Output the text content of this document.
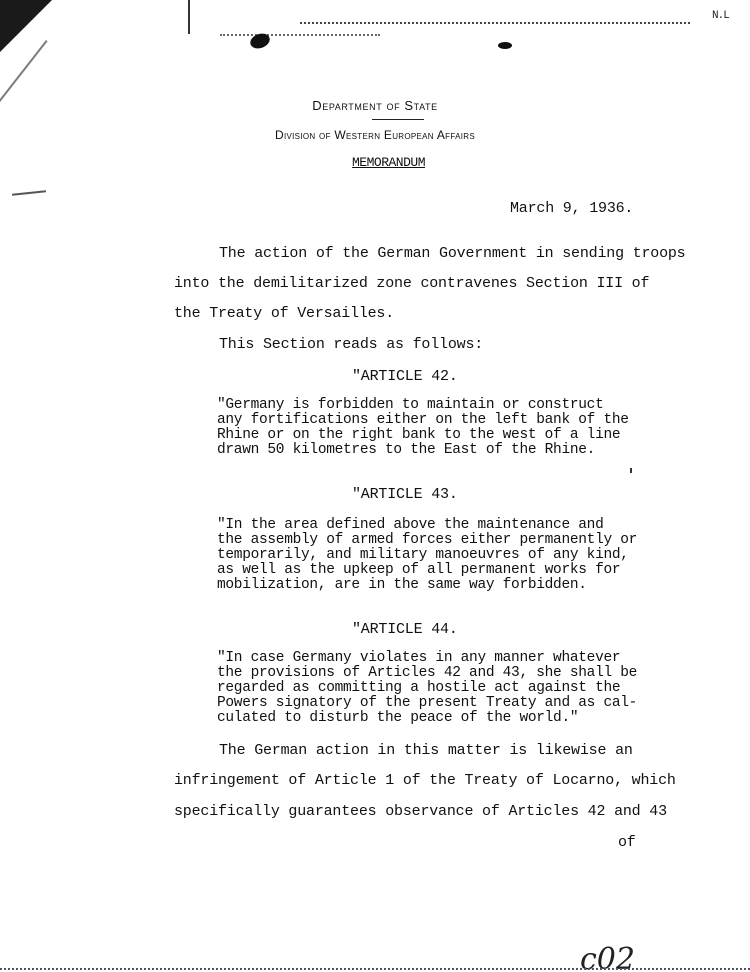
N.L
Department of State
Division of Western European Affairs
MEMORANDUM
March 9, 1936.
The action of the German Government in sending troops
into the demilitarized zone contravenes Section III of
the Treaty of Versailles.
This Section reads as follows:
"ARTICLE 42.
"Germany is forbidden to maintain or construct
any fortifications either on the left bank of the
Rhine or on the right bank to the west of a line
drawn 50 kilometres to the East of the Rhine.
"ARTICLE 43.
"In the area defined above the maintenance and
the assembly of armed forces either permanently or
temporarily, and military manoeuvres of any kind,
as well as the upkeep of all permanent works for
mobilization, are in the same way forbidden.
"ARTICLE 44.
"In case Germany violates in any manner whatever
the provisions of Articles 42 and 43, she shall be
regarded as committing a hostile act against the
Powers signatory of the present Treaty and as cal-
culated to disturb the peace of the world."
The German action in this matter is likewise an
infringement of Article 1 of the Treaty of Locarno, which
specifically guarantees observance of Articles 42 and 43
of
c02
